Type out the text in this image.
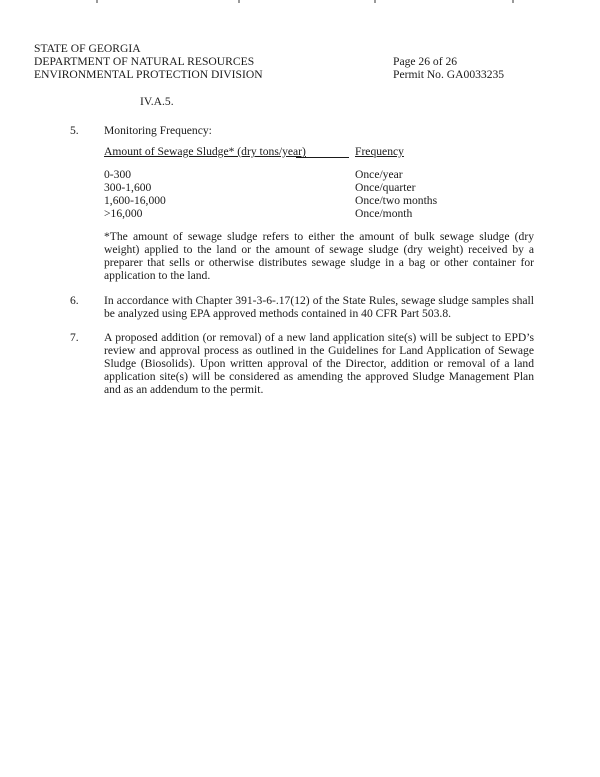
STATE OF GEORGIA
DEPARTMENT OF NATURAL RESOURCES
ENVIRONMENTAL PROTECTION DIVISION
Page 26 of 26
Permit No. GA0033235
IV.A.5.
5. Monitoring Frequency:
Amount of Sewage Sludge* (dry tons/year)	Frequency
0-300	Once/year
300-1,600	Once/quarter
1,600-16,000	Once/two months
>16,000	Once/month
*The amount of sewage sludge refers to either the amount of bulk sewage sludge (dry weight) applied to the land or the amount of sewage sludge (dry weight) received by a preparer that sells or otherwise distributes sewage sludge in a bag or other container for application to the land.
6. In accordance with Chapter 391-3-6-.17(12) of the State Rules, sewage sludge samples shall be analyzed using EPA approved methods contained in 40 CFR Part 503.8.
7. A proposed addition (or removal) of a new land application site(s) will be subject to EPD’s review and approval process as outlined in the Guidelines for Land Application of Sewage Sludge (Biosolids). Upon written approval of the Director, addition or removal of a land application site(s) will be considered as amending the approved Sludge Management Plan and as an addendum to the permit.
